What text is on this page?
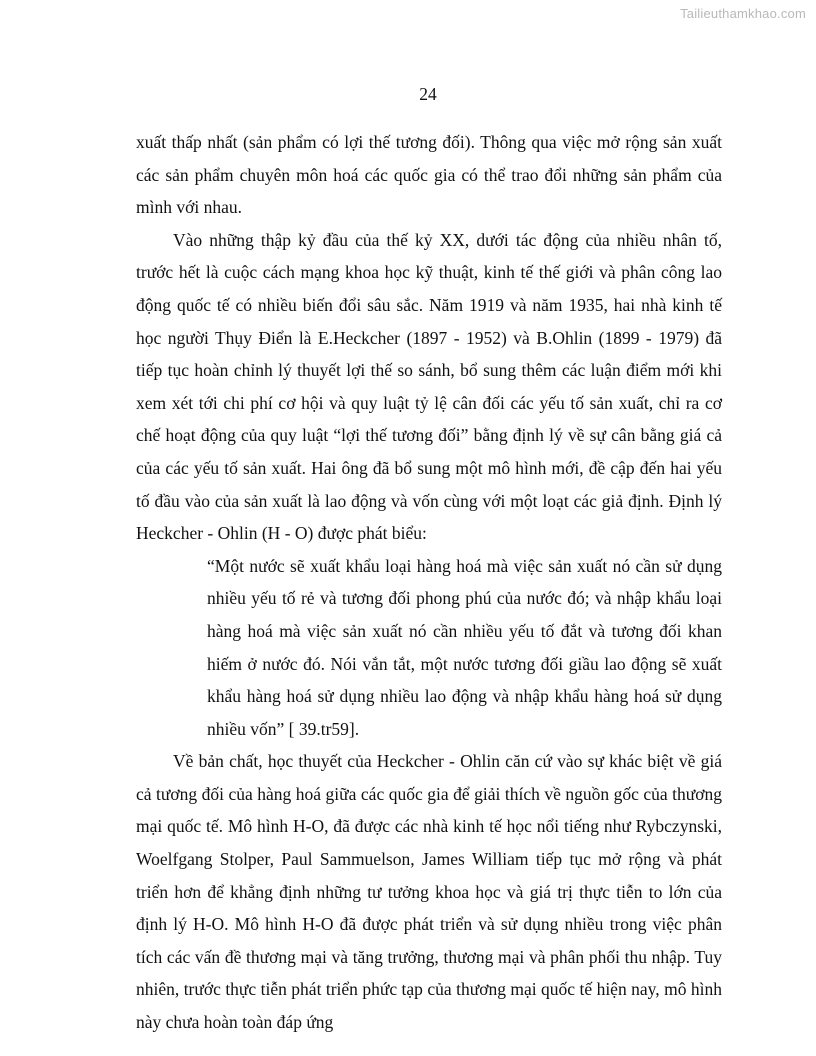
Tailieuthamkhao.com
24

xuất thấp nhất (sản phẩm có lợi thế tương đối). Thông qua việc mở rộng sản xuất các sản phẩm chuyên môn hoá các quốc gia có thể trao đổi những sản phẩm của mình với nhau.

Vào những thập kỷ đầu của thế kỷ XX, dưới tác động của nhiều nhân tố, trước hết là cuộc cách mạng khoa học kỹ thuật, kinh tế thế giới và phân công lao động quốc tế có nhiều biến đổi sâu sắc. Năm 1919 và năm 1935, hai nhà kinh tế học người Thụy Điển là E.Heckcher (1897 - 1952) và B.Ohlin (1899 - 1979) đã tiếp tục hoàn chỉnh lý thuyết lợi thế so sánh, bổ sung thêm các luận điểm mới khi xem xét tới chi phí cơ hội và quy luật tỷ lệ cân đối các yếu tố sản xuất, chỉ ra cơ chế hoạt động của quy luật “lợi thế tương đối” bằng định lý về sự cân bằng giá cả của các yếu tố sản xuất. Hai ông đã bổ sung một mô hình mới, đề cập đến hai yếu tố đầu vào của sản xuất là lao động và vốn cùng với một loạt các giả định. Định lý Heckcher - Ohlin (H - O) được phát biểu:

“Một nước sẽ xuất khẩu loại hàng hoá mà việc sản xuất nó cần sử dụng nhiều yếu tố rẻ và tương đối phong phú của nước đó; và nhập khẩu loại hàng hoá mà việc sản xuất nó cần nhiều yếu tố đắt và tương đối khan hiếm ở nước đó. Nói vắn tắt, một nước tương đối giầu lao động sẽ xuất khẩu hàng hoá sử dụng nhiều lao động và nhập khẩu hàng hoá sử dụng nhiều vốn” [ 39.tr59].

Về bản chất, học thuyết của Heckcher - Ohlin căn cứ vào sự khác biệt về giá cả tương đối của hàng hoá giữa các quốc gia để giải thích về nguồn gốc của thương mại quốc tế. Mô hình H-O, đã được các nhà kinh tế học nổi tiếng như Rybczynski, Woelfgang Stolper, Paul Sammuelson, James William tiếp tục mở rộng và phát triển hơn để khẳng định những tư tưởng khoa học và giá trị thực tiễn to lớn của định lý H-O. Mô hình H-O đã được phát triển và sử dụng nhiều trong việc phân tích các vấn đề thương mại và tăng trưởng, thương mại và phân phối thu nhập. Tuy nhiên, trước thực tiễn phát triển phức tạp của thương mại quốc tế hiện nay, mô hình này chưa hoàn toàn đáp ứng
